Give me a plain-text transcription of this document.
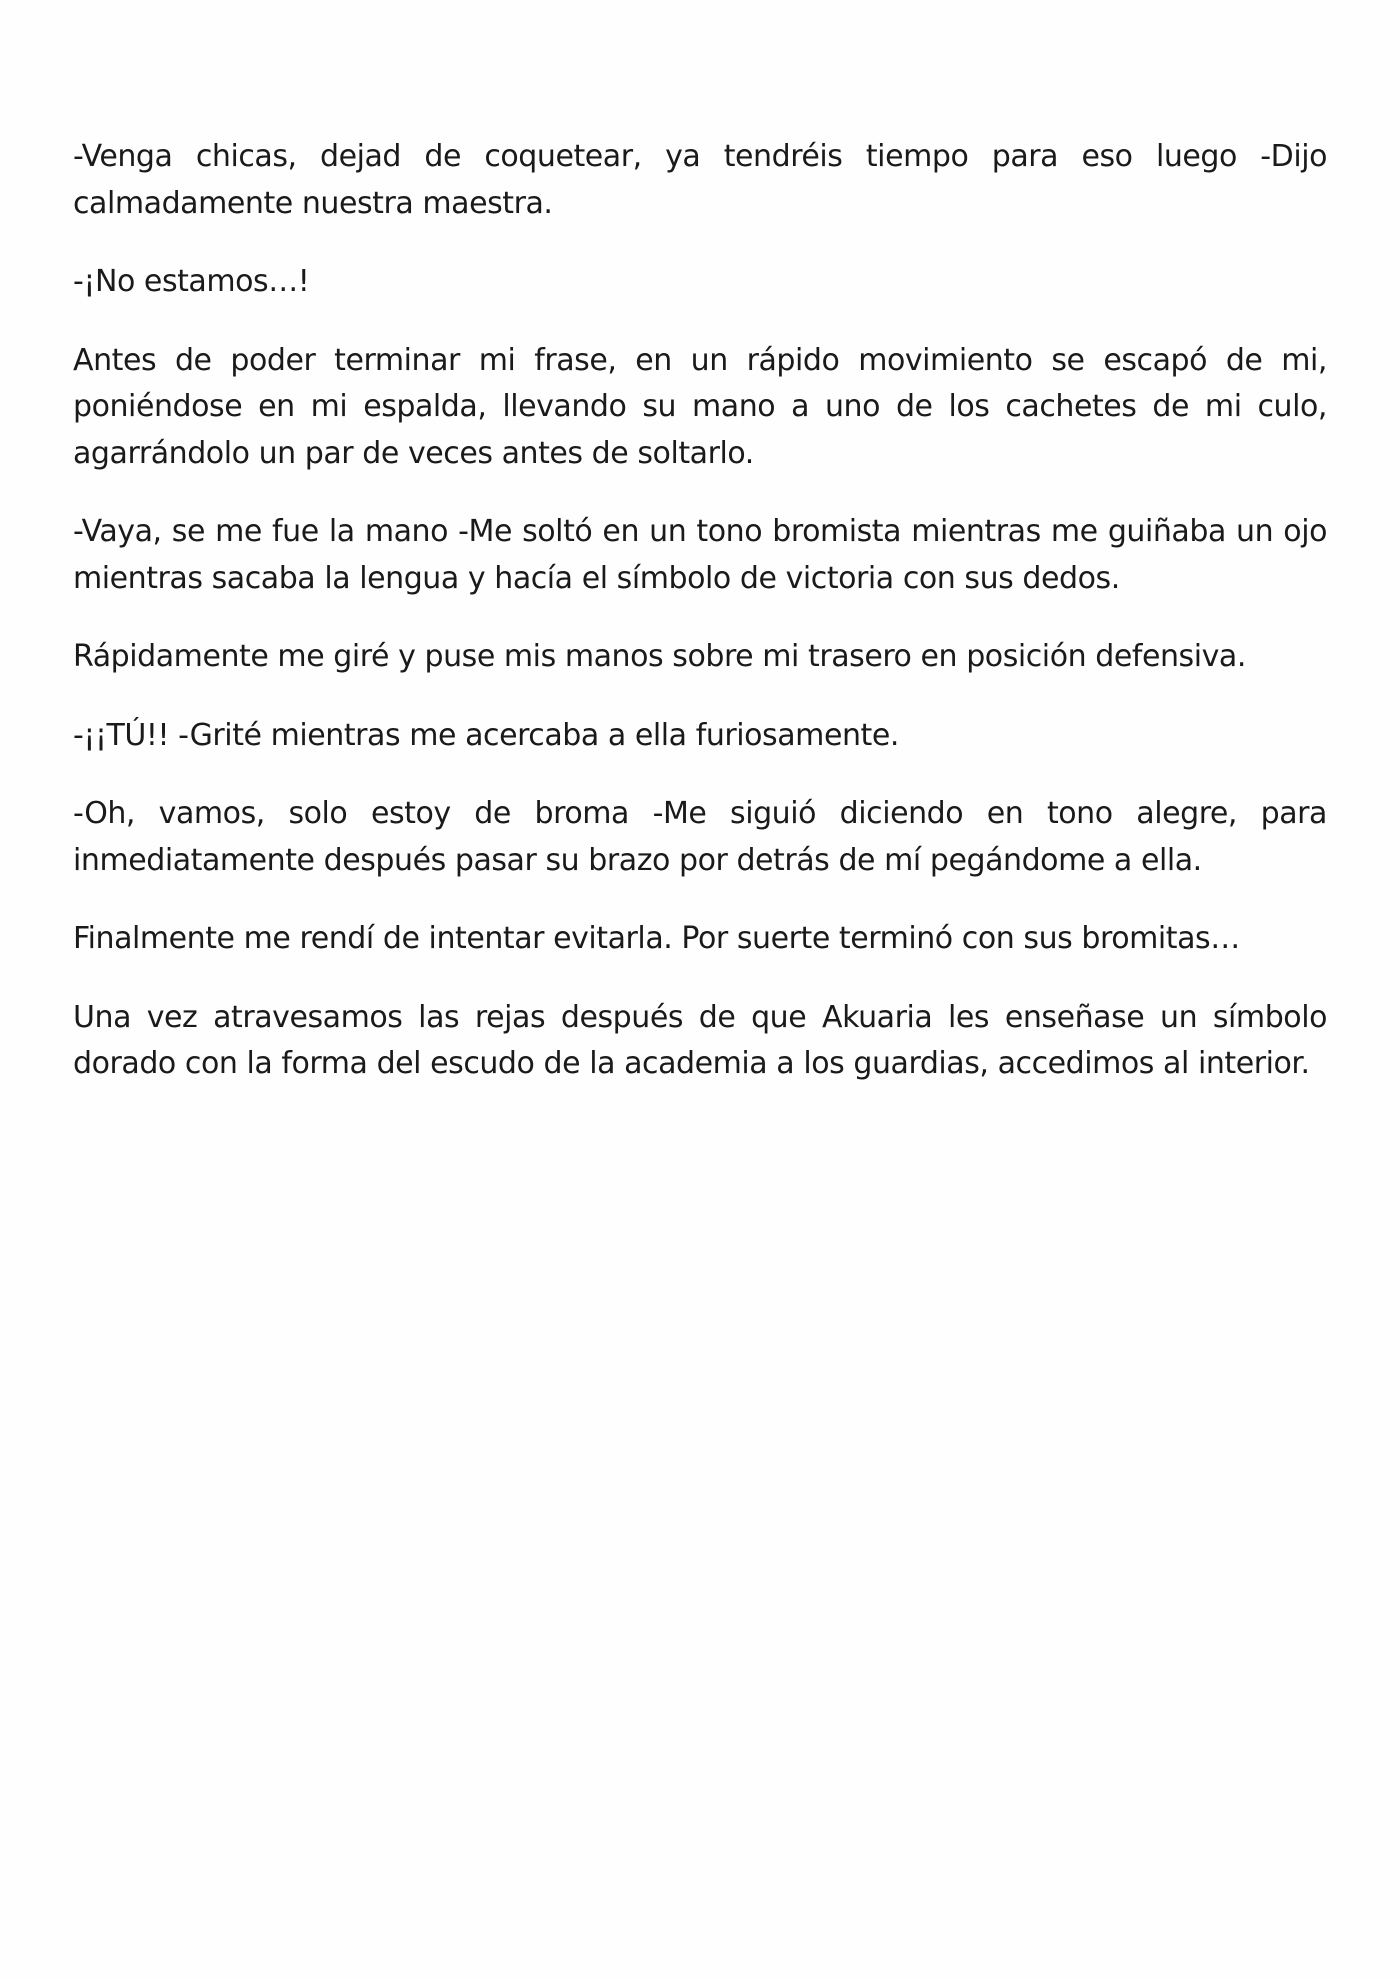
-Venga chicas, dejad de coquetear, ya tendréis tiempo para eso luego -Dijo calmadamente nuestra maestra.

-¡No estamos…!

Antes de poder terminar mi frase, en un rápido movimiento se escapó de mi, poniéndose en mi espalda, llevando su mano a uno de los cachetes de mi culo, agarrándolo un par de veces antes de soltarlo.

-Vaya, se me fue la mano -Me soltó en un tono bromista mientras me guiñaba un ojo mientras sacaba la lengua y hacía el símbolo de victoria con sus dedos.

Rápidamente me giré y puse mis manos sobre mi trasero en posición defensiva.

-¡¡TÚ!! -Grité mientras me acercaba a ella furiosamente.

-Oh, vamos, solo estoy de broma -Me siguió diciendo en tono alegre, para inmediatamente después pasar su brazo por detrás de mí pegándome a ella.

Finalmente me rendí de intentar evitarla. Por suerte terminó con sus bromitas…

Una vez atravesamos las rejas después de que Akuaria les enseñase un símbolo dorado con la forma del escudo de la academia a los guardias, accedimos al interior.
